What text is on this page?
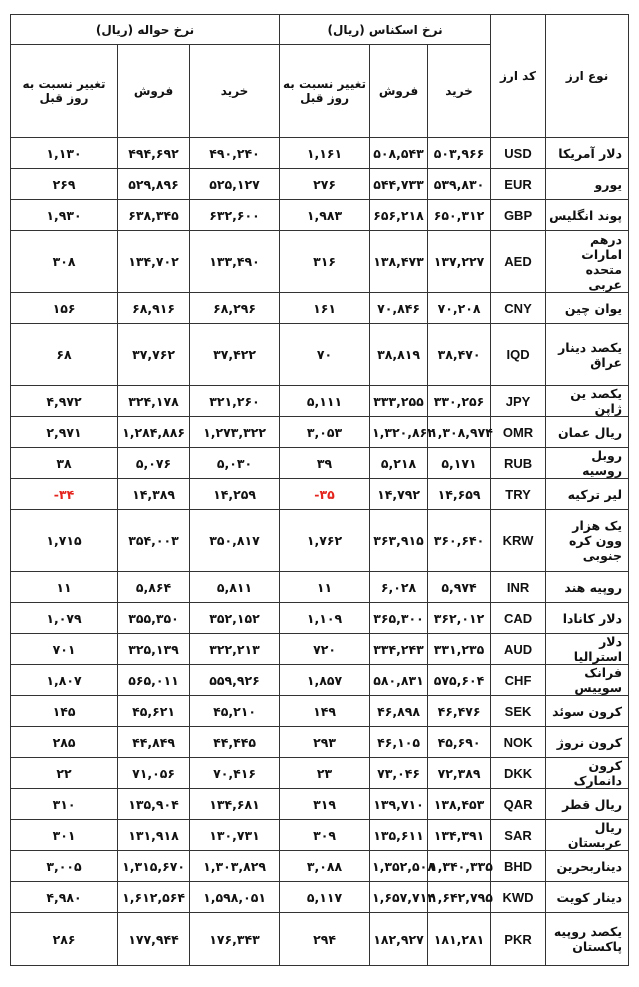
نوع ارز	کد ارز	نرخ اسکناس (ریال)			نرخ حواله (ریال)		
		خرید	فروش	تغییر نسبت به روز قبل	خرید	فروش	تغییر نسبت به روز قبل
دلار آمریکا	USD	۵۰۳,۹۶۶	۵۰۸,۵۴۳	۱,۱۶۱	۴۹۰,۲۴۰	۴۹۴,۶۹۲	۱,۱۳۰
یورو	EUR	۵۳۹,۸۳۰	۵۴۴,۷۳۳	۲۷۶	۵۲۵,۱۲۷	۵۲۹,۸۹۶	۲۶۹
پوند انگلیس	GBP	۶۵۰,۳۱۲	۶۵۶,۲۱۸	۱,۹۸۳	۶۳۲,۶۰۰	۶۳۸,۳۴۵	۱,۹۳۰
درهم امارات متحده عربی	AED	۱۳۷,۲۲۷	۱۳۸,۴۷۳	۳۱۶	۱۳۳,۴۹۰	۱۳۴,۷۰۲	۳۰۸
یوان چین	CNY	۷۰,۲۰۸	۷۰,۸۴۶	۱۶۱	۶۸,۲۹۶	۶۸,۹۱۶	۱۵۶
یکصد دینار عراق	IQD	۳۸,۴۷۰	۳۸,۸۱۹	۷۰	۳۷,۴۲۲	۳۷,۷۶۲	۶۸
یکصد ین ژاپن	JPY	۳۳۰,۲۵۶	۳۳۳,۲۵۵	۵,۱۱۱	۳۲۱,۲۶۰	۳۲۴,۱۷۸	۴,۹۷۲
ریال عمان	OMR	۱,۳۰۸,۹۷۴	۱,۳۲۰,۸۶۲	۳,۰۵۳	۱,۲۷۳,۳۲۲	۱,۲۸۴,۸۸۶	۲,۹۷۱
روبل روسیه	RUB	۵,۱۷۱	۵,۲۱۸	۳۹	۵,۰۳۰	۵,۰۷۶	۳۸
لیر ترکیه	TRY	۱۴,۶۵۹	۱۴,۷۹۲	-۳۵	۱۴,۲۵۹	۱۴,۳۸۹	-۳۴
یک هزار وون کره جنوبی	KRW	۳۶۰,۶۴۰	۳۶۳,۹۱۵	۱,۷۶۲	۳۵۰,۸۱۷	۳۵۴,۰۰۳	۱,۷۱۵
روپیه هند	INR	۵,۹۷۴	۶,۰۲۸	۱۱	۵,۸۱۱	۵,۸۶۴	۱۱
دلار کانادا	CAD	۳۶۲,۰۱۲	۳۶۵,۳۰۰	۱,۱۰۹	۳۵۲,۱۵۲	۳۵۵,۳۵۰	۱,۰۷۹
دلار استرالیا	AUD	۳۳۱,۲۳۵	۳۳۴,۲۴۳	۷۲۰	۳۲۲,۲۱۳	۳۲۵,۱۳۹	۷۰۱
فرانک سوییس	CHF	۵۷۵,۶۰۴	۵۸۰,۸۳۱	۱,۸۵۷	۵۵۹,۹۲۶	۵۶۵,۰۱۱	۱,۸۰۷
کرون سوئد	SEK	۴۶,۴۷۶	۴۶,۸۹۸	۱۴۹	۴۵,۲۱۰	۴۵,۶۲۱	۱۴۵
کرون نروژ	NOK	۴۵,۶۹۰	۴۶,۱۰۵	۲۹۳	۴۴,۴۴۵	۴۴,۸۴۹	۲۸۵
کرون دانمارک	DKK	۷۲,۳۸۹	۷۳,۰۴۶	۲۳	۷۰,۴۱۶	۷۱,۰۵۶	۲۲
ریال قطر	QAR	۱۳۸,۴۵۳	۱۳۹,۷۱۰	۳۱۹	۱۳۴,۶۸۱	۱۳۵,۹۰۴	۳۱۰
ریال عربستان	SAR	۱۳۴,۳۹۱	۱۳۵,۶۱۱	۳۰۹	۱۳۰,۷۳۱	۱۳۱,۹۱۸	۳۰۱
دیناربحرین	BHD	۱,۳۴۰,۳۳۵	۱,۳۵۲,۵۰۸	۳,۰۸۸	۱,۳۰۳,۸۲۹	۱,۳۱۵,۶۷۰	۳,۰۰۵
دینار کویت	KWD	۱,۶۴۲,۷۹۵	۱,۶۵۷,۷۱۴	۵,۱۱۷	۱,۵۹۸,۰۵۱	۱,۶۱۲,۵۶۴	۴,۹۸۰
یکصد روپیه پاکستان	PKR	۱۸۱,۲۸۱	۱۸۲,۹۲۷	۲۹۴	۱۷۶,۳۴۳	۱۷۷,۹۴۴	۲۸۶
